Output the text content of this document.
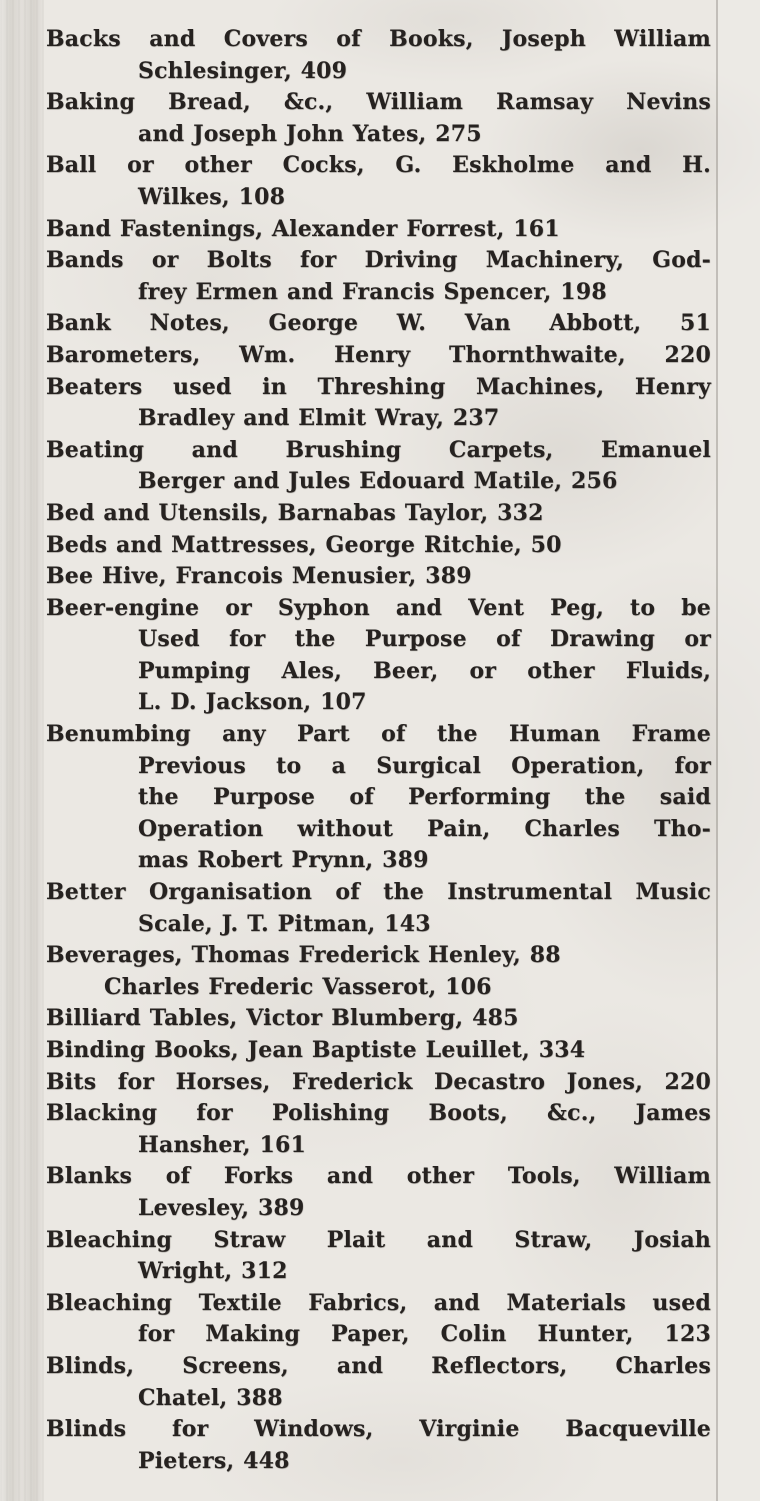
Backs and Covers of Books, Joseph William
Schlesinger, 409
Baking Bread, &c., William Ramsay Nevins
and Joseph John Yates, 275
Ball or other Cocks, G. Eskholme and H.
Wilkes, 108
Band Fastenings, Alexander Forrest, 161
Bands or Bolts for Driving Machinery, God-
frey Ermen and Francis Spencer, 198
Bank Notes, George W. Van Abbott, 51
Barometers, Wm. Henry Thornthwaite, 220
Beaters used in Threshing Machines, Henry
Bradley and Elmit Wray, 237
Beating and Brushing Carpets, Emanuel
Berger and Jules Edouard Matile, 256
Bed and Utensils, Barnabas Taylor, 332
Beds and Mattresses, George Ritchie, 50
Bee Hive, Francois Menusier, 389
Beer-engine or Syphon and Vent Peg, to be
Used for the Purpose of Drawing or
Pumping Ales, Beer, or other Fluids,
L. D. Jackson, 107
Benumbing any Part of the Human Frame
Previous to a Surgical Operation, for
the Purpose of Performing the said
Operation without Pain, Charles Tho-
mas Robert Prynn, 389
Better Organisation of the Instrumental Music
Scale, J. T. Pitman, 143
Beverages, Thomas Frederick Henley, 88
Charles Frederic Vasserot, 106
Billiard Tables, Victor Blumberg, 485
Binding Books, Jean Baptiste Leuillet, 334
Bits for Horses, Frederick Decastro Jones, 220
Blacking for Polishing Boots, &c., James
Hansher, 161
Blanks of Forks and other Tools, William
Levesley, 389
Bleaching Straw Plait and Straw, Josiah
Wright, 312
Bleaching Textile Fabrics, and Materials used
for Making Paper, Colin Hunter, 123
Blinds, Screens, and Reflectors, Charles
Chatel, 388
Blinds for Windows, Virginie Bacqueville
Pieters, 448
